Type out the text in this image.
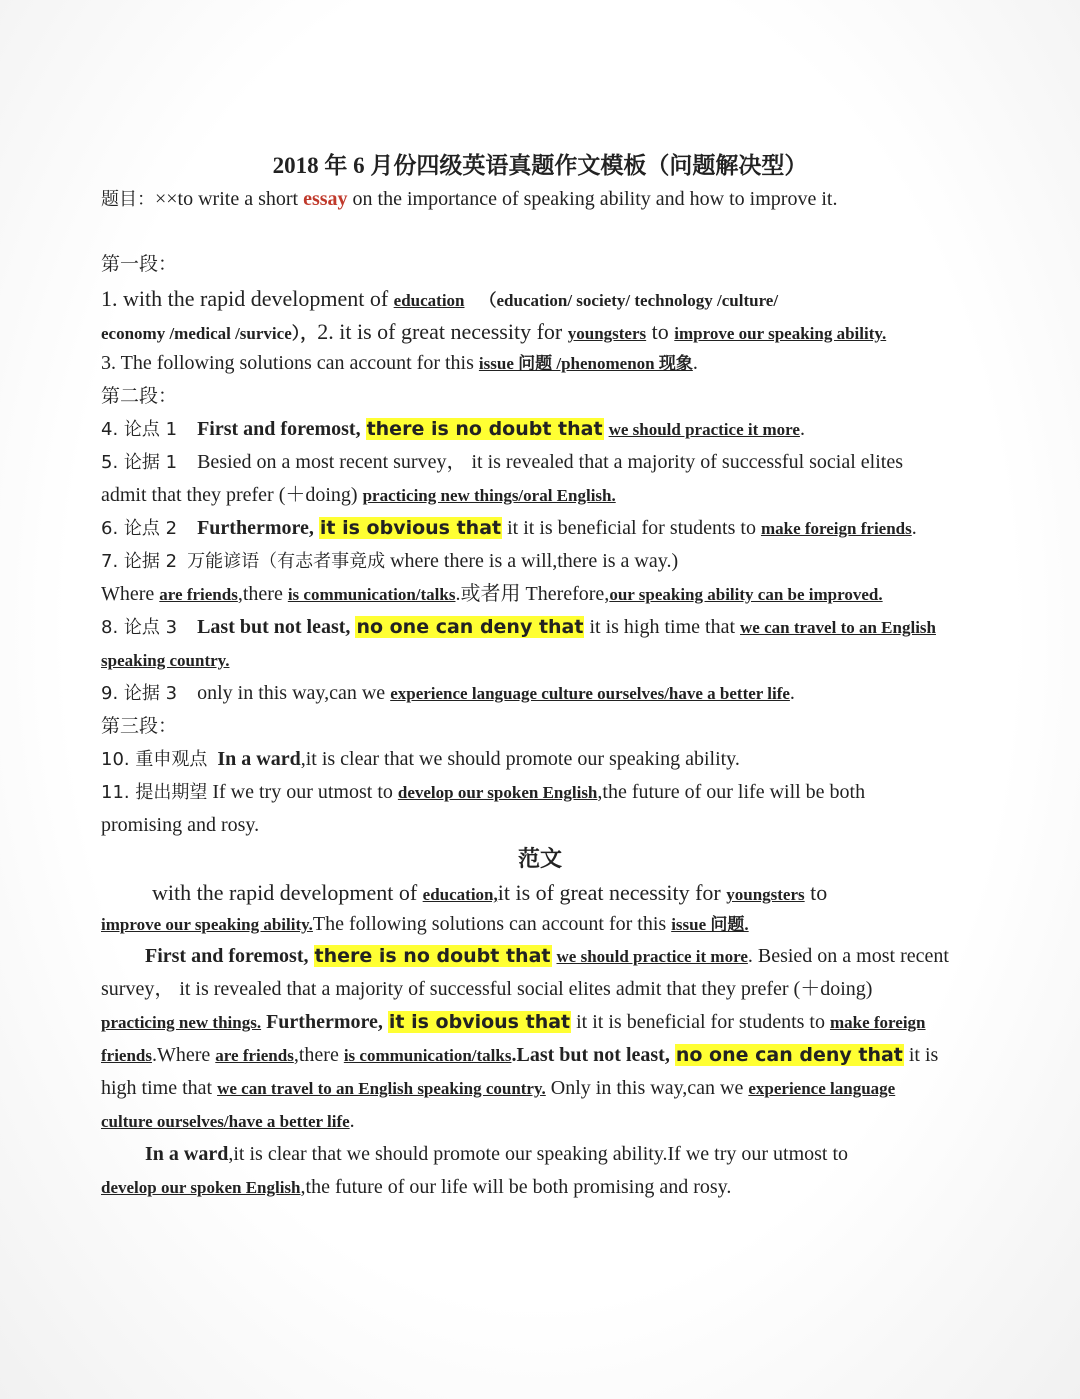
2018 年 6 月份四级英语真题作文模板（问题解决型）
题目：××to write a short essay on the importance of speaking ability and how to improve it.
第一段：
1. with the rapid development of education （education/ society/ technology /culture/
economy /medical /survice），2. it is of great necessity for youngsters to improve our speaking ability.
3. The following solutions can account for this issue 问题 /phenomenon 现象.
第二段：
4. 论点 1 First and foremost, there is no doubt that we should practice it more.
5. 论据 1 Besied on a most recent survey， it is revealed that a majority of successful social elites
admit that they prefer (＋doing) practicing new things/oral English.
6. 论点 2 Furthermore, it is obvious that it it is beneficial for students to make foreign friends.
7. 论据 2 万能谚语（有志者事竟成 where there is a will,there is a way.)
Where are friends,there is communication/talks.或者用 Therefore,our speaking ability can be improved.
8. 论点 3 Last but not least, no one can deny that it is high time that we can travel to an English
speaking country.
9. 论据 3 only in this way,can we experience language culture ourselves/have a better life.
第三段：
10. 重申观点 In a ward,it is clear that we should promote our speaking ability.
11. 提出期望 If we try our utmost to develop our spoken English,the future of our life will be both
promising and rosy.
范文
with the rapid development of education,it is of great necessity for youngsters to
improve our speaking ability.The following solutions can account for this issue 问题.
First and foremost, there is no doubt that we should practice it more. Besied on a most recent
survey， it is revealed that a majority of successful social elites admit that they prefer (＋doing)
practicing new things. Furthermore, it is obvious that it it is beneficial for students to make foreign
friends.Where are friends,there is communication/talks.Last but not least, no one can deny that it is
high time that we can travel to an English speaking country. Only in this way,can we experience language
culture ourselves/have a better life.
In a ward,it is clear that we should promote our speaking ability.If we try our utmost to
develop our spoken English,the future of our life will be both promising and rosy.
